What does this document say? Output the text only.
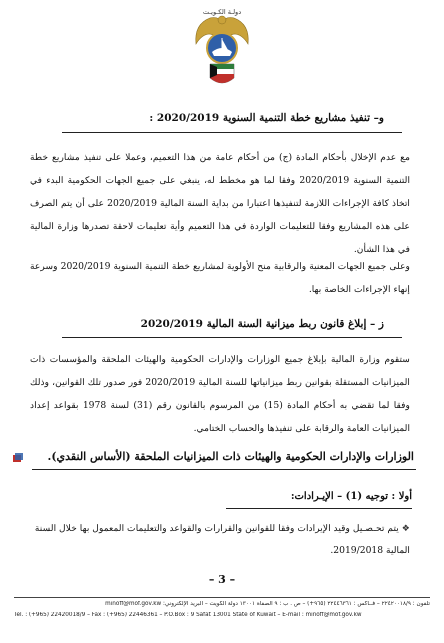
دولـة الكـويـت
و– تنفيذ مشاريع خطة التنمية السنوية 2020/2019 :
مع عدم الإخلال بأحكام المادة (ج) من أحكام عامة من هذا التعميم، وعملا على تنفيذ مشاريع خطة التنمية السنوية 2020/2019 وفقا لما هو مخطط له، ينبغي على جميع الجهات الحكومية البدء في اتخاذ كافة الإجراءات اللازمة لتنفيذها اعتبارا من بداية السنة المالية 2020/2019 على أن يتم الصرف على هذه المشاريع وفقا للتعليمات الواردة في هذا التعميم وأية تعليمات لاحقة تصدرها وزارة المالية في هذا الشأن.
وعلى جميع الجهات المعنية والرقابية منح الأولوية لمشاريع خطة التنمية السنوية 2020/2019 وسرعة إنهاء الإجراءات الخاصة بها.
ز – إبلاغ قانون ربط ميزانية السنة المالية 2020/2019
ستقوم وزارة المالية بإبلاغ جميع الوزارات والإدارات الحكومية والهيئات الملحقة والمؤسسات ذات الميزانيات المستقلة بقوانين ربط ميزانياتها للسنة المالية 2020/2019 فور صدور تلك القوانين، وذلك وفقا لما تقضي به أحكام المادة (15) من المرسوم بالقانون رقم (31) لسنة 1978 بقواعد إعداد الميزانيات العامة والرقابة على تنفيذها والحساب الختامي.
الوزارات والإدارات الحكومية والهيئات ذات الميزانيات الملحقة (الأساس النقدي).
أولا : توجيه (1) – الإيـرادات:
❖ يتم تحـصـيل وقيد الإيرادات وفقا للقوانين والقرارات والقواعد والتعليمات المعمول بها خلال السنة المالية 2019/2018.
– 3 –
تلفون : ٢٢٤٢٠٠١٨/٩ – فــاكس : ٢٢٤٤٦٣٦١ (٩٦٥+) – ص . ب : ٩ الصفاة ١٣٠٠١ دولة الكويت – البريد الإلكتروني: minoff@mof.gov.kw
Tel. : (+965) 22420018/9 – Fax : (+965) 22446361 – P.O.Box : 9 Safat 13001 State of Kuwait – E-mail : minoff@mof.gov.kw
